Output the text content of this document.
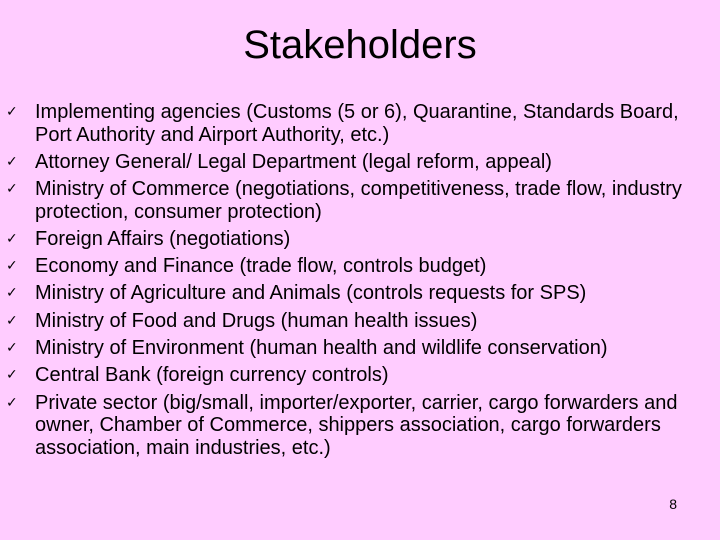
Stakeholders
✓ Implementing agencies (Customs (5 or 6), Quarantine, Standards Board, Port Authority and Airport Authority, etc.)
✓ Attorney General/ Legal Department (legal reform, appeal)
✓ Ministry of Commerce (negotiations, competitiveness, trade flow, industry protection, consumer protection)
✓ Foreign Affairs (negotiations)
✓ Economy and Finance (trade flow, controls budget)
✓ Ministry of Agriculture and Animals (controls requests for SPS)
✓ Ministry of Food and Drugs (human health issues)
✓ Ministry of Environment (human health and wildlife conservation)
✓ Central Bank (foreign currency controls)
✓ Private sector (big/small, importer/exporter, carrier, cargo forwarders and owner, Chamber of Commerce, shippers association, cargo forwarders association, main industries, etc.)
8
